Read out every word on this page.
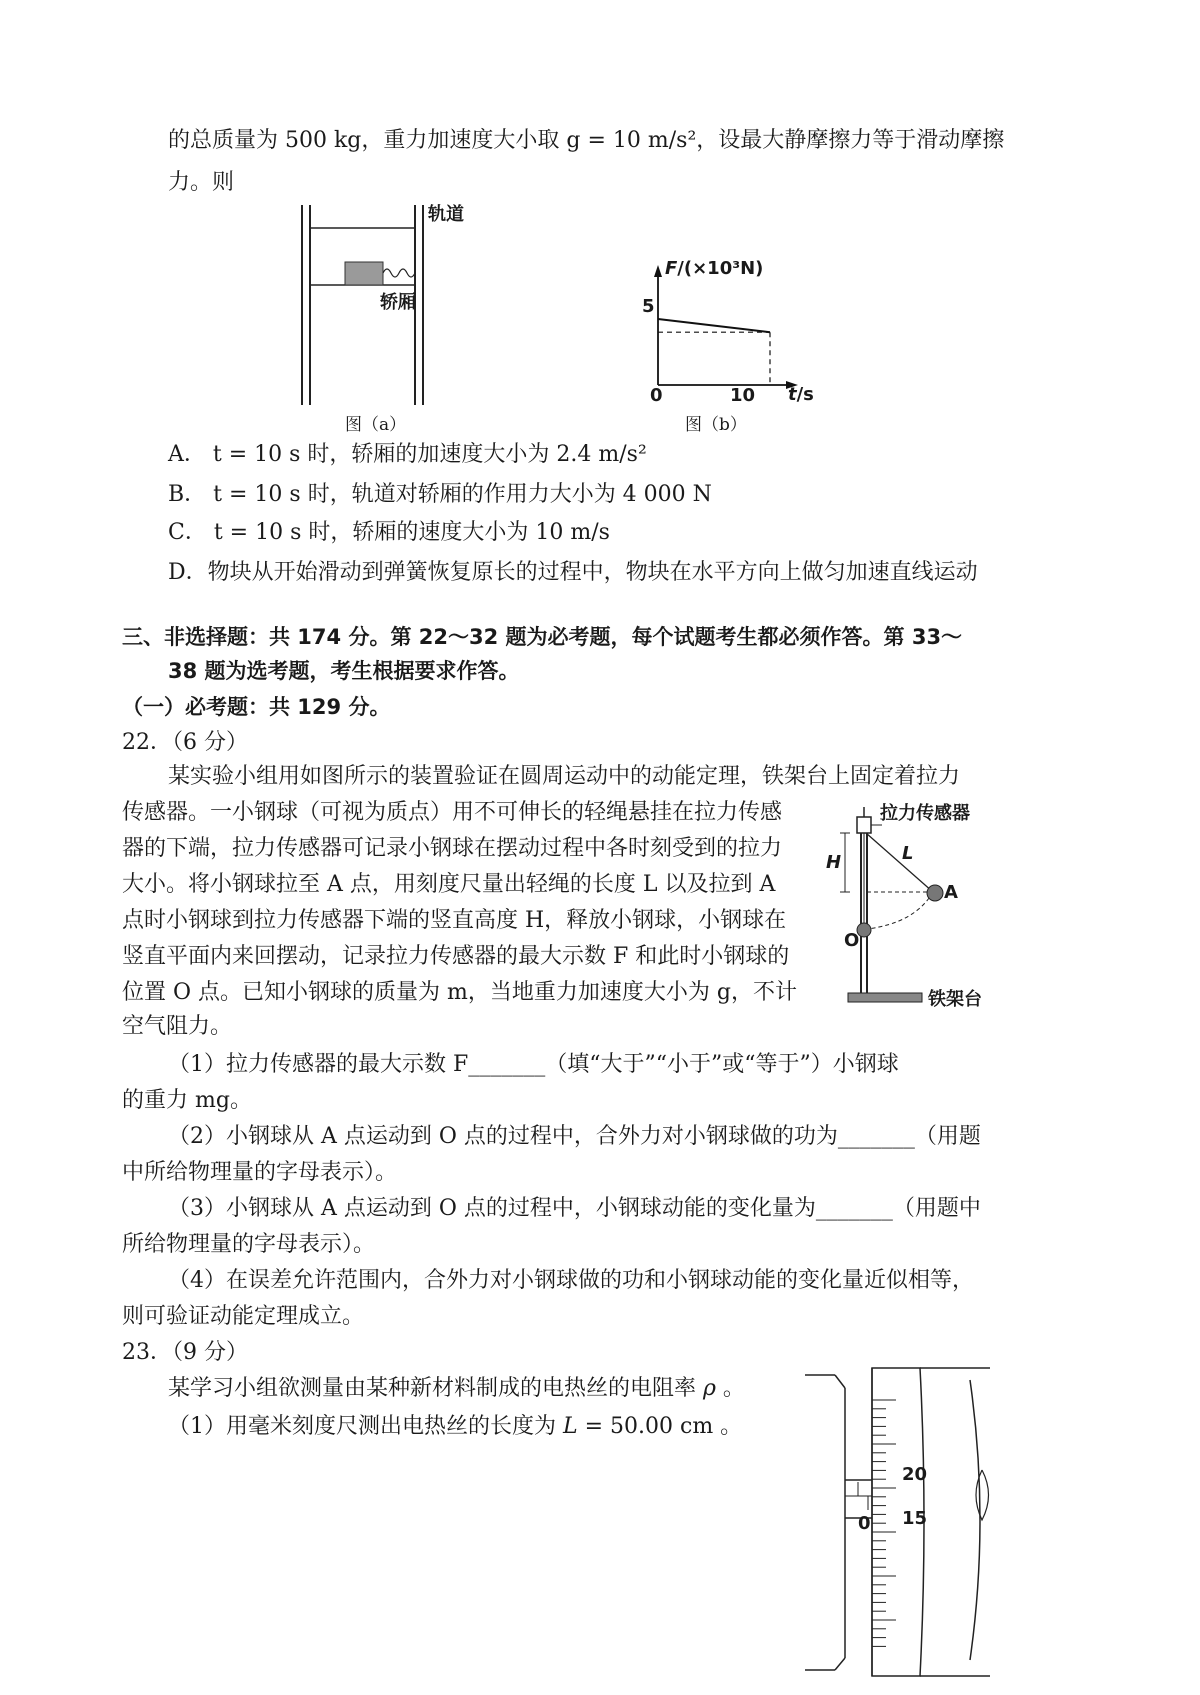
的总质量为 500 kg，重力加速度大小取 g = 10 m/s²，设最大静摩擦力等于滑动摩擦
力。则
轨道
轿厢
图（a）
F/(×10³N)
t/s
5
0	10
图（b）
A． t = 10 s 时，轿厢的加速度大小为 2.4 m/s²
B． t = 10 s 时，轨道对轿厢的作用力大小为 4 000 N
C． t = 10 s 时，轿厢的速度大小为 10 m/s
D．物块从开始滑动到弹簧恢复原长的过程中，物块在水平方向上做匀加速直线运动
三、非选择题：共 174 分。第 22～32 题为必考题，每个试题考生都必须作答。第 33～
38 题为选考题，考生根据要求作答。
（一）必考题：共 129 分。
22．（6 分）
某实验小组用如图所示的装置验证在圆周运动中的动能定理，铁架台上固定着拉力
传感器。一小钢球（可视为质点）用不可伸长的轻绳悬挂在拉力传感
器的下端，拉力传感器可记录小钢球在摆动过程中各时刻受到的拉力
大小。将小钢球拉至 A 点，用刻度尺量出轻绳的长度 L 以及拉到 A
点时小钢球到拉力传感器下端的竖直高度 H，释放小钢球，小钢球在
竖直平面内来回摆动，记录拉力传感器的最大示数 F 和此时小钢球的
位置 O 点。已知小钢球的质量为 m，当地重力加速度大小为 g，不计
空气阻力。
（1）拉力传感器的最大示数 F_______（填“大于”“小于”或“等于”）小钢球
的重力 mg。
（2）小钢球从 A 点运动到 O 点的过程中，合外力对小钢球做的功为_______（用题
中所给物理量的字母表示）。
（3）小钢球从 A 点运动到 O 点的过程中，小钢球动能的变化量为_______（用题中
所给物理量的字母表示）。
（4）在误差允许范围内，合外力对小钢球做的功和小钢球动能的变化量近似相等，
则可验证动能定理成立。
拉力传感器
H	L
A
O
铁架台
23．（9 分）
某学习小组欲测量由某种新材料制成的电热丝的电阻率 ρ 。
（1）用毫米刻度尺测出电热丝的长度为 L = 50.00 cm 。
20
15
0
